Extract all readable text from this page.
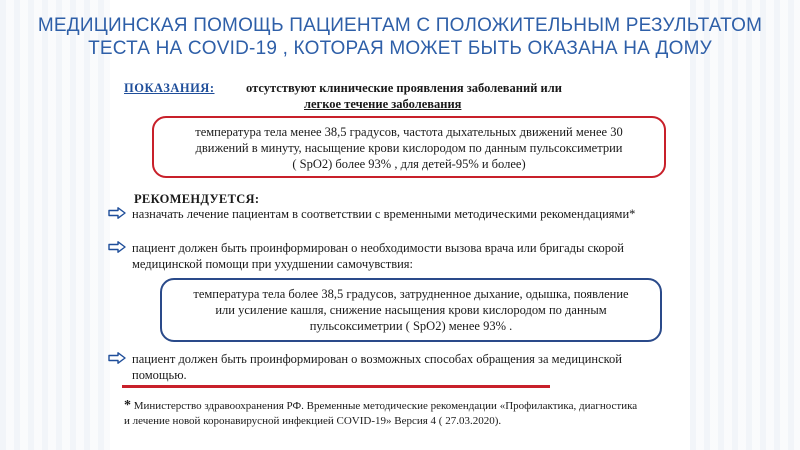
МЕДИЦИНСКАЯ ПОМОЩЬ ПАЦИЕНТАМ С ПОЛОЖИТЕЛЬНЫМ РЕЗУЛЬТАТОМ
ТЕСТА НА COVID-19 , КОТОРАЯ МОЖЕТ БЫТЬ ОКАЗАНА НА ДОМУ
ПОКАЗАНИЯ:	отсутствуют клинические проявления заболеваний или
легкое течение заболевания
температура тела менее 38,5 градусов, частота дыхательных движений менее 30
движений в минуту, насыщение крови кислородом по данным пульсоксиметрии
( SpO2) более 93% , для детей-95% и более)
РЕКОМЕНДУЕТСЯ:
назначать лечение пациентам в соответствии с временными методическими рекомендациями*
пациент должен быть проинформирован о необходимости вызова врача или бригады скорой
медицинской помощи при ухудшении самочувствия:
температура тела более 38,5 градусов, затрудненное дыхание, одышка, появление
или усиление кашля, снижение насыщения крови кислородом по данным
пульсоксиметрии ( SpO2) менее 93% .
пациент должен быть проинформирован о возможных способах обращения за медицинской
помощью.
* Министерство здравоохранения РФ. Временные методические рекомендации «Профилактика, диагностика
и лечение новой коронавирусной инфекцией COVID-19» Версия 4 ( 27.03.2020).
